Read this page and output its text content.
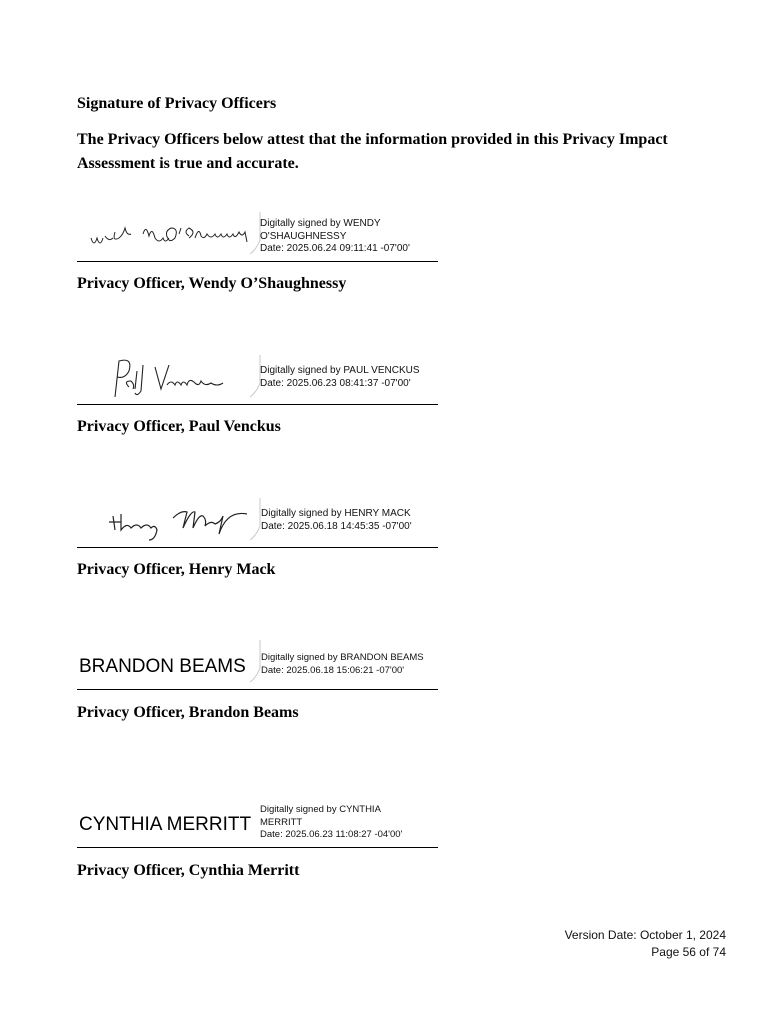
Signature of Privacy Officers
The Privacy Officers below attest that the information provided in this Privacy Impact Assessment is true and accurate.
Digitally signed by WENDY
O'SHAUGHNESSY
Date: 2025.06.24 09:11:41 -07'00'
Privacy Officer, Wendy O’Shaughnessy
Digitally signed by PAUL VENCKUS
Date: 2025.06.23 08:41:37 -07'00'
Privacy Officer, Paul Venckus
Digitally signed by HENRY MACK
Date: 2025.06.18 14:45:35 -07'00'
Privacy Officer, Henry Mack
BRANDON BEAMS Digitally signed by BRANDON BEAMS
Date: 2025.06.18 15:06:21 -07'00'
Privacy Officer, Brandon Beams
CYNTHIA MERRITT
Digitally signed by CYNTHIA
MERRITT
Date: 2025.06.23 11:08:27 -04'00'
Privacy Officer, Cynthia Merritt
Version Date: October 1, 2024
Page 56 of 74
